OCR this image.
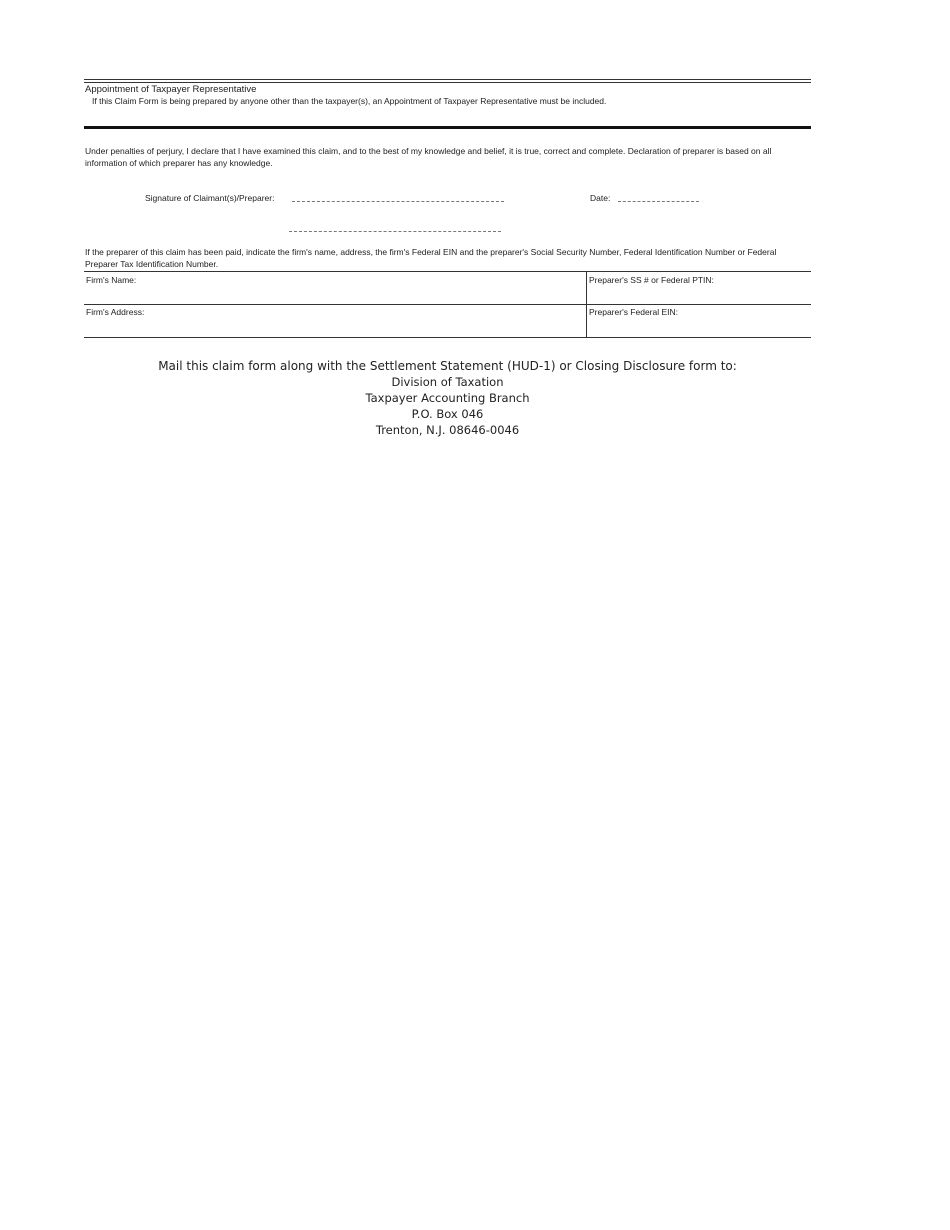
Appointment of Taxpayer Representative
If this Claim Form is being prepared by anyone other than the taxpayer(s), an Appointment of Taxpayer Representative must be included.
Under penalties of perjury, I declare that I have examined this claim, and to the best of my knowledge and belief, it is true, correct and complete. Declaration of preparer is based on all information of which preparer has any knowledge.
Signature of Claimant(s)/Preparer:	Date:
If the preparer of this claim has been paid, indicate the firm's name, address, the firm's Federal EIN and the preparer's Social Security Number, Federal Identification Number or Federal Preparer Tax Identification Number.
Firm's Name:
Firm's Address:
Preparer's SS # or Federal PTIN:
Preparer's Federal EIN:
Mail this claim form along with the Settlement Statement (HUD-1) or Closing Disclosure form to:
Division of Taxation
Taxpayer Accounting Branch
P.O. Box 046
Trenton, N.J. 08646-0046
